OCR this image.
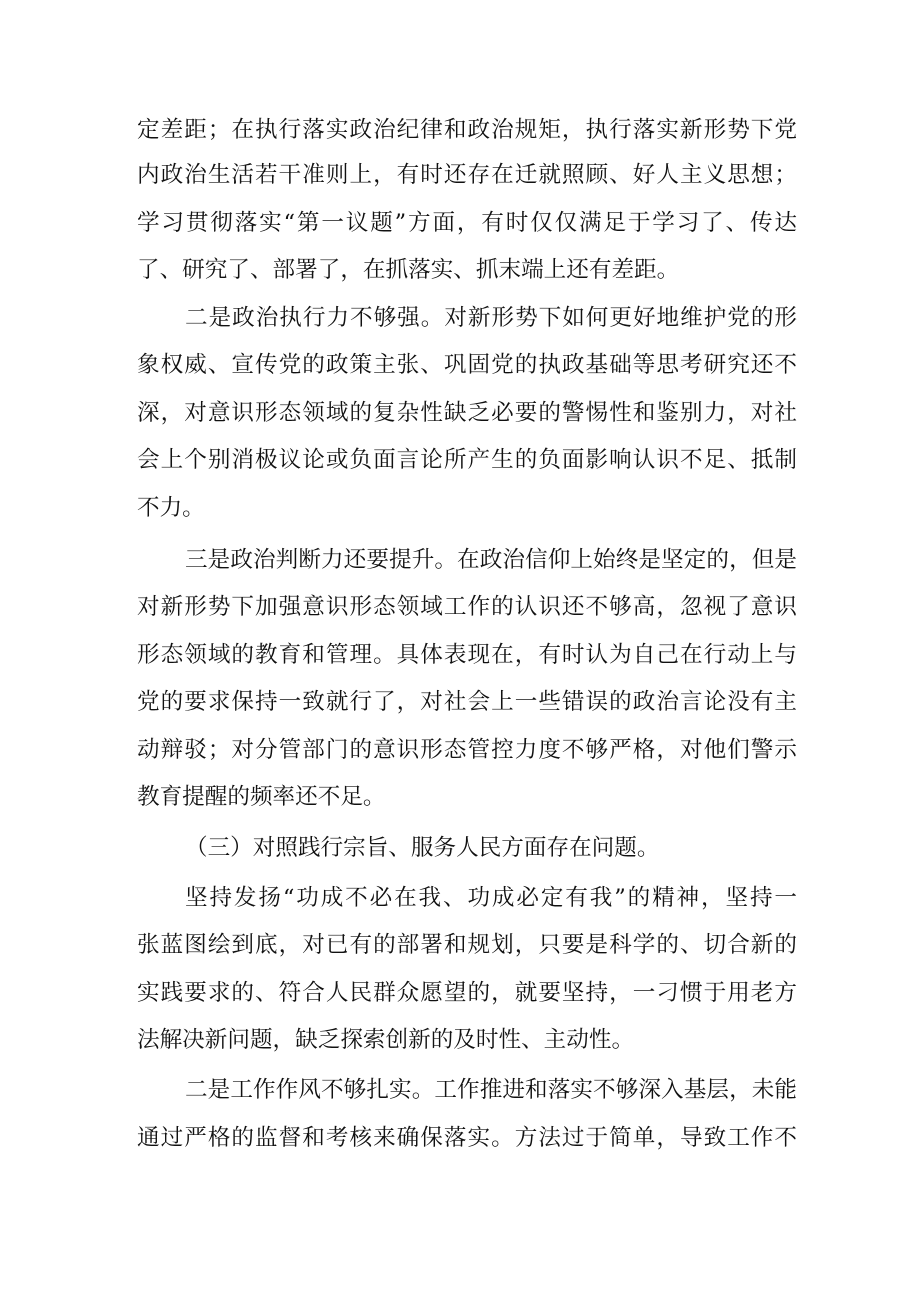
定差距；在执行落实政治纪律和政治规矩，执行落实新形势下党
内政治生活若干准则上，有时还存在迁就照顾、好人主义思想；
学习贯彻落实“第一议题”方面，有时仅仅满足于学习了、传达
了、研究了、部署了，在抓落实、抓末端上还有差距。
二是政治执行力不够强。对新形势下如何更好地维护党的形
象权威、宣传党的政策主张、巩固党的执政基础等思考研究还不
深，对意识形态领域的复杂性缺乏必要的警惕性和鉴别力，对社
会上个别消极议论或负面言论所产生的负面影响认识不足、抵制
不力。
三是政治判断力还要提升。在政治信仰上始终是坚定的，但是
对新形势下加强意识形态领域工作的认识还不够高，忽视了意识
形态领域的教育和管理。具体表现在，有时认为自己在行动上与
党的要求保持一致就行了，对社会上一些错误的政治言论没有主
动辩驳；对分管部门的意识形态管控力度不够严格，对他们警示
教育提醒的频率还不足。
（三）对照践行宗旨、服务人民方面存在问题。
坚持发扬“功成不必在我、功成必定有我”的精神，坚持一
张蓝图绘到底，对已有的部署和规划，只要是科学的、切合新的
实践要求的、符合人民群众愿望的，就要坚持，一刁惯于用老方
法解决新问题，缺乏探索创新的及时性、主动性。
二是工作作风不够扎实。工作推进和落实不够深入基层，未能
通过严格的监督和考核来确保落实。方法过于简单，导致工作不
